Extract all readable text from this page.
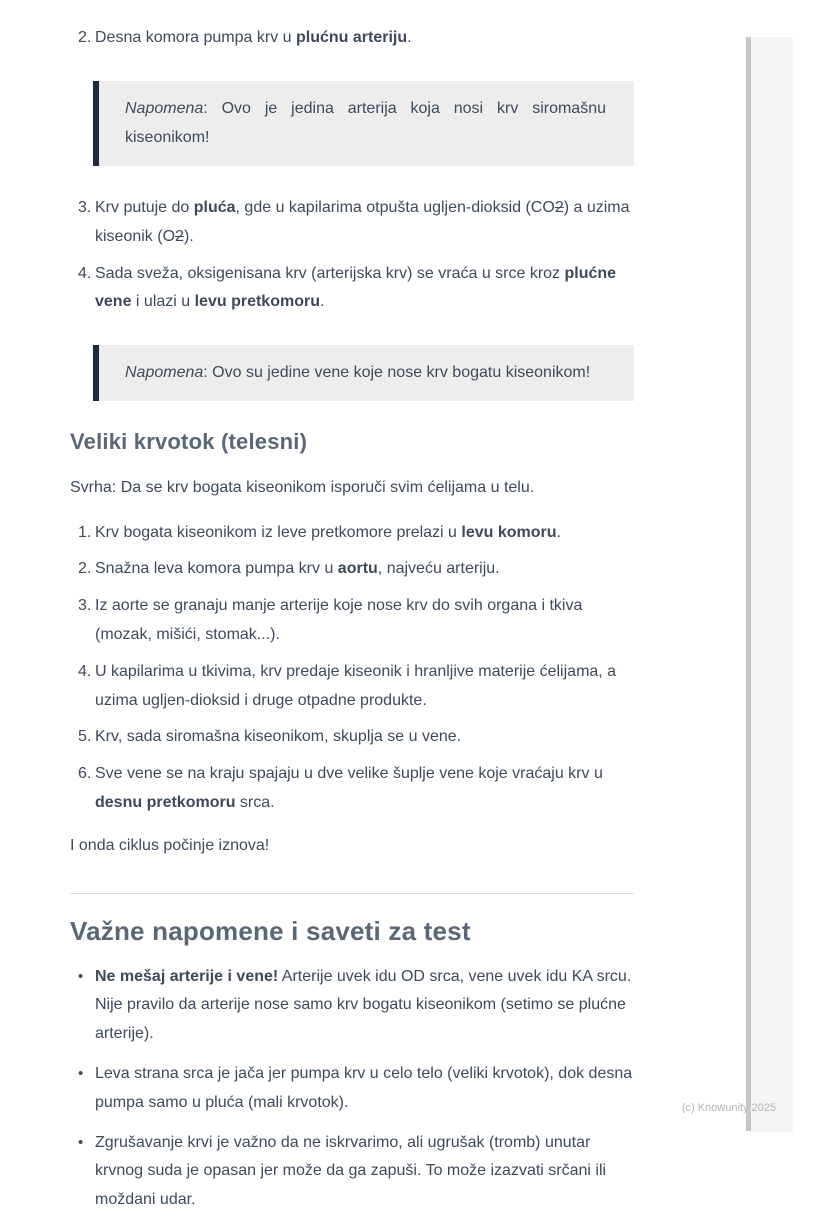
2. Desna komora pumpa krv u plućnu arteriju.
Napomena: Ovo je jedina arterija koja nosi krv siromašnu kiseonikom!
3. Krv putuje do pluća, gde u kapilarima otpušta ugljen-dioksid (CO2) a uzima kiseonik (O2).
4. Sada sveža, oksigenisana krv (arterijska krv) se vraća u srce kroz plućne vene i ulazi u levu pretkomoru.
Napomena: Ovo su jedine vene koje nose krv bogatu kiseonikom!
Veliki krvotok (telesni)

Svrha: Da se krv bogata kiseonikom isporuči svim ćelijama u telu.

1. Krv bogata kiseonikom iz leve pretkomore prelazi u levu komoru.
2. Snažna leva komora pumpa krv u aortu, najveću arteriju.
3. Iz aorte se granaju manje arterije koje nose krv do svih organa i tkiva (mozak, mišići, stomak...).
4. U kapilarima u tkivima, krv predaje kiseonik i hranljive materije ćelijama, a uzima ugljen-dioksid i druge otpadne produkte.
5. Krv, sada siromašna kiseonikom, skuplja se u vene.
6. Sve vene se na kraju spajaju u dve velike šuplje vene koje vraćaju krv u desnu pretkomoru srca.

I onda ciklus počinje iznova!

Važne napomene i saveti za test
• Ne mešaj arterije i vene! Arterije uvek idu OD srca, vene uvek idu KA srcu. Nije pravilo da arterije nose samo krv bogatu kiseonikom (setimo se plućne arterije).
• Leva strana srca je jača jer pumpa krv u celo telo (veliki krvotok), dok desna pumpa samo u pluća (mali krvotok).
• Zgrušavanje krvi je važno da ne iskrvarimo, ali ugrušak (tromb) unutar krvnog suda je opasan jer može da ga zapuši. To može izazvati srčani ili moždani udar.
(c) Knowunity 2025
